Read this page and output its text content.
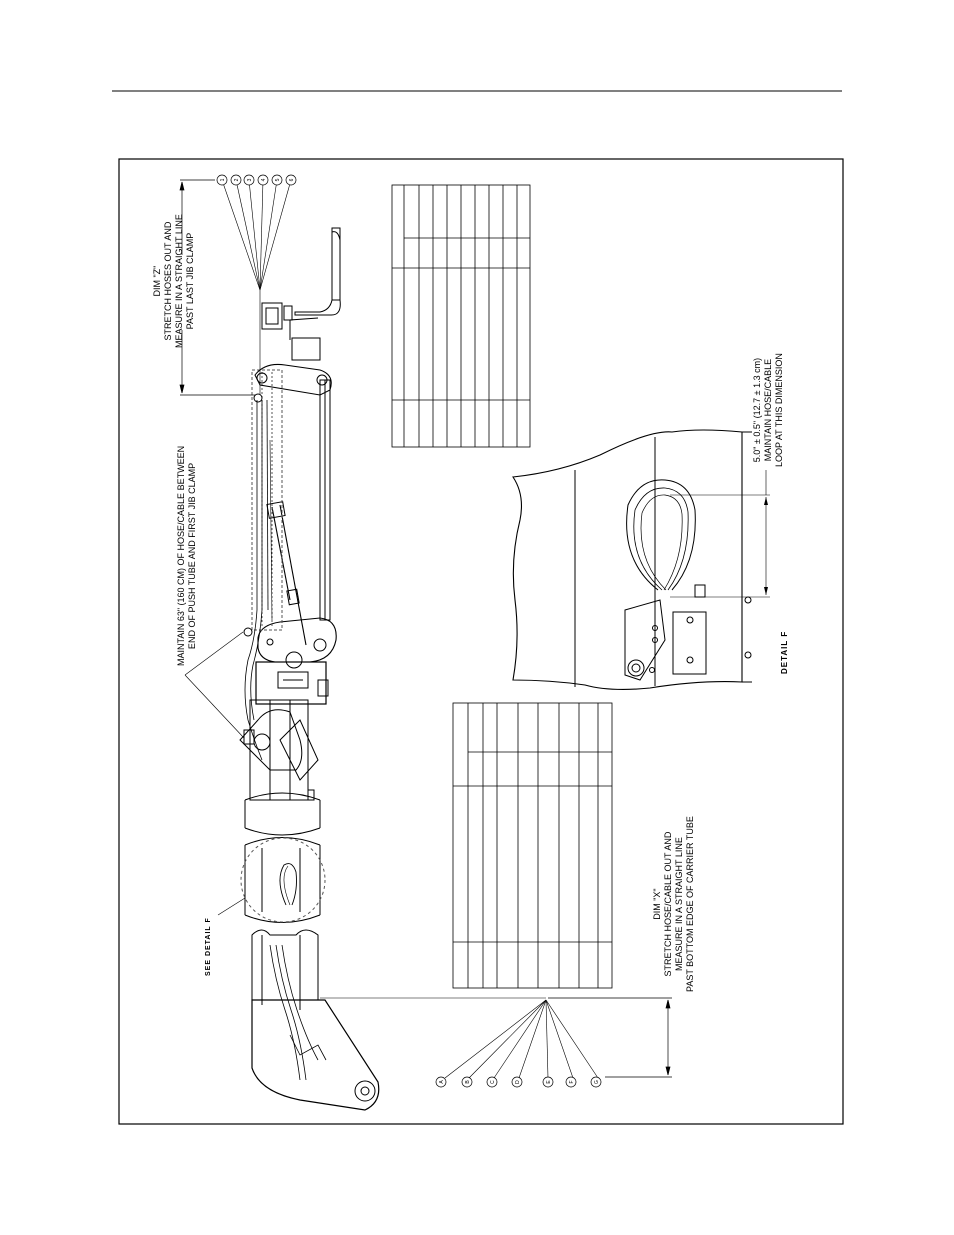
1 2 3 4 5 6
A	B	C	D	E	F	G
DIM "Z" STRETCH HOSES OUT AND MEASURE IN A STRAIGHT LINE PAST LAST JIB CLAMP
MAINTAIN 63" (160 CM) OF HOSE/CABLE BETWEEN END OF PUSH TUBE AND FIRST JIB CLAMP
5.0" ± 0.5" (12.7 ± 1.3 cm) MAINTAIN HOSE/CABLE LOOP AT THIS DIMENSION
DIM "X" STRETCH HOSE/CABLE OUT AND MEASURE IN A STRAIGHT LINE PAST BOTTOM EDGE OF CARRIER TUBE
DETAIL F
SEE DETAIL F
